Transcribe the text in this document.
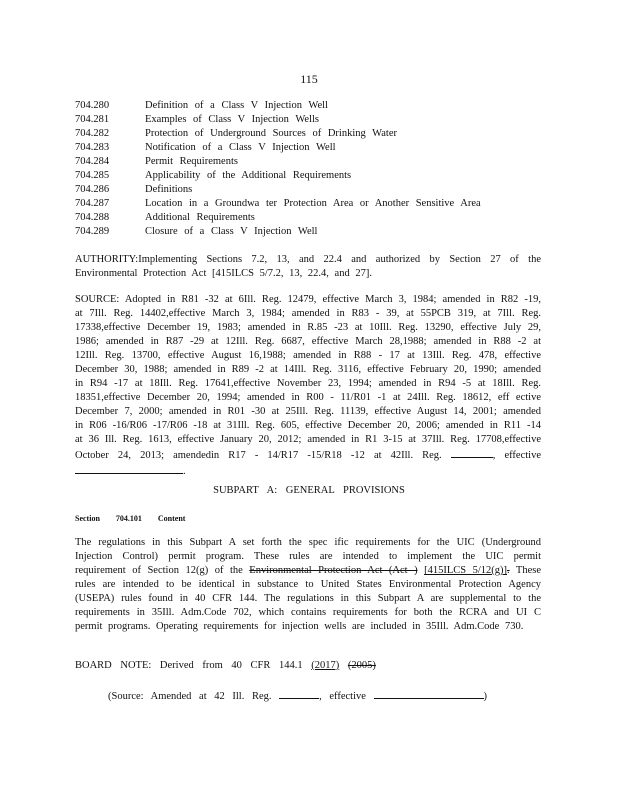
115
704.280	Definition of a Class V Injection Well
704.281	Examples of Class V Injection Wells
704.282	Protection of Underground Sources of Drinking Water
704.283	Notification of a Class V Injection Well
704.284	Permit Requirements
704.285	Applicability of the Additional Requirements
704.286	Definitions
704.287	Location in a Groundwa ter Protection Area or Another Sensitive Area
704.288	Additional Requirements
704.289	Closure of a Class V Injection Well
AUTHORITY:Implementing Sections 7.2, 13, and 22.4 and authorized by Section 27 of the Environmental Protection Act [415ILCS 5/7.2, 13, 22.4, and 27].
SOURCE: Adopted in R81 -32 at 6Ill. Reg. 12479, effective March 3, 1984; amended in R82 -19, at 7Ill. Reg. 14402,effective March 3, 1984; amended in R83 - 39, at 55PCB 319, at 7Ill. Reg. 17338,effective December 19, 1983; amended in R.85 -23 at 10Ill. Reg. 13290, effective July 29, 1986; amended in R87 -29 at 12Ill. Reg. 6687, effective March 28,1988; amended in R88 -2 at 12Ill. Reg. 13700, effective August 16,1988; amended in R88 - 17 at 13Ill. Reg. 478, effective December 30, 1988; amended in R89 -2 at 14Ill. Reg. 3116, effective February 20, 1990; amended in R94 -17 at 18Ill. Reg. 17641,effective November 23, 1994; amended in R94 -5 at 18Ill. Reg. 18351,effective December 20, 1994; amended in R00 - 11/R01 -1 at 24Ill. Reg. 18612, eff ective December 7, 2000; amended in R01 -30 at 25Ill. Reg. 11139, effective August 14, 2001; amended in R06 -16/R06 -17/R06 -18 at 31Ill. Reg. 605, effective December 20, 2006; amended in R11 -14 at 36 Ill. Reg. 1613, effective January 20, 2012; amended in R1 3-15 at 37Ill. Reg. 17708,effective October 24, 2013; amendedin R17 - 14/R17 -15/R18 -12 at 42Ill. Reg.	, effective .
SUBPART A: GENERAL PROVISIONS
Section 704.101 Content
The regulations in this Subpart A set forth the spec ific requirements for the UIC (Underground Injection Control) permit program. These rules are intended to implement the UIC permit requirement of Section 12(g) of the Environmental Protection Act (Act ) [415ILCS 5/12(g)]. These rules are intended to be identical in substance to United States Environmental Protection Agency (USEPA) rules found in 40 CFR 144. The regulations in this Subpart A are supplemental to the requirements in 35Ill. Adm.Code 702, which contains requirements for both the RCRA and UI C permit programs. Operating requirements for injection wells are included in 35Ill. Adm.Code 730.
BOARD NOTE: Derived from 40 CFR 144.1 (2017) (2005)
(Source: Amended at 42 Ill. Reg.	, effective	)
